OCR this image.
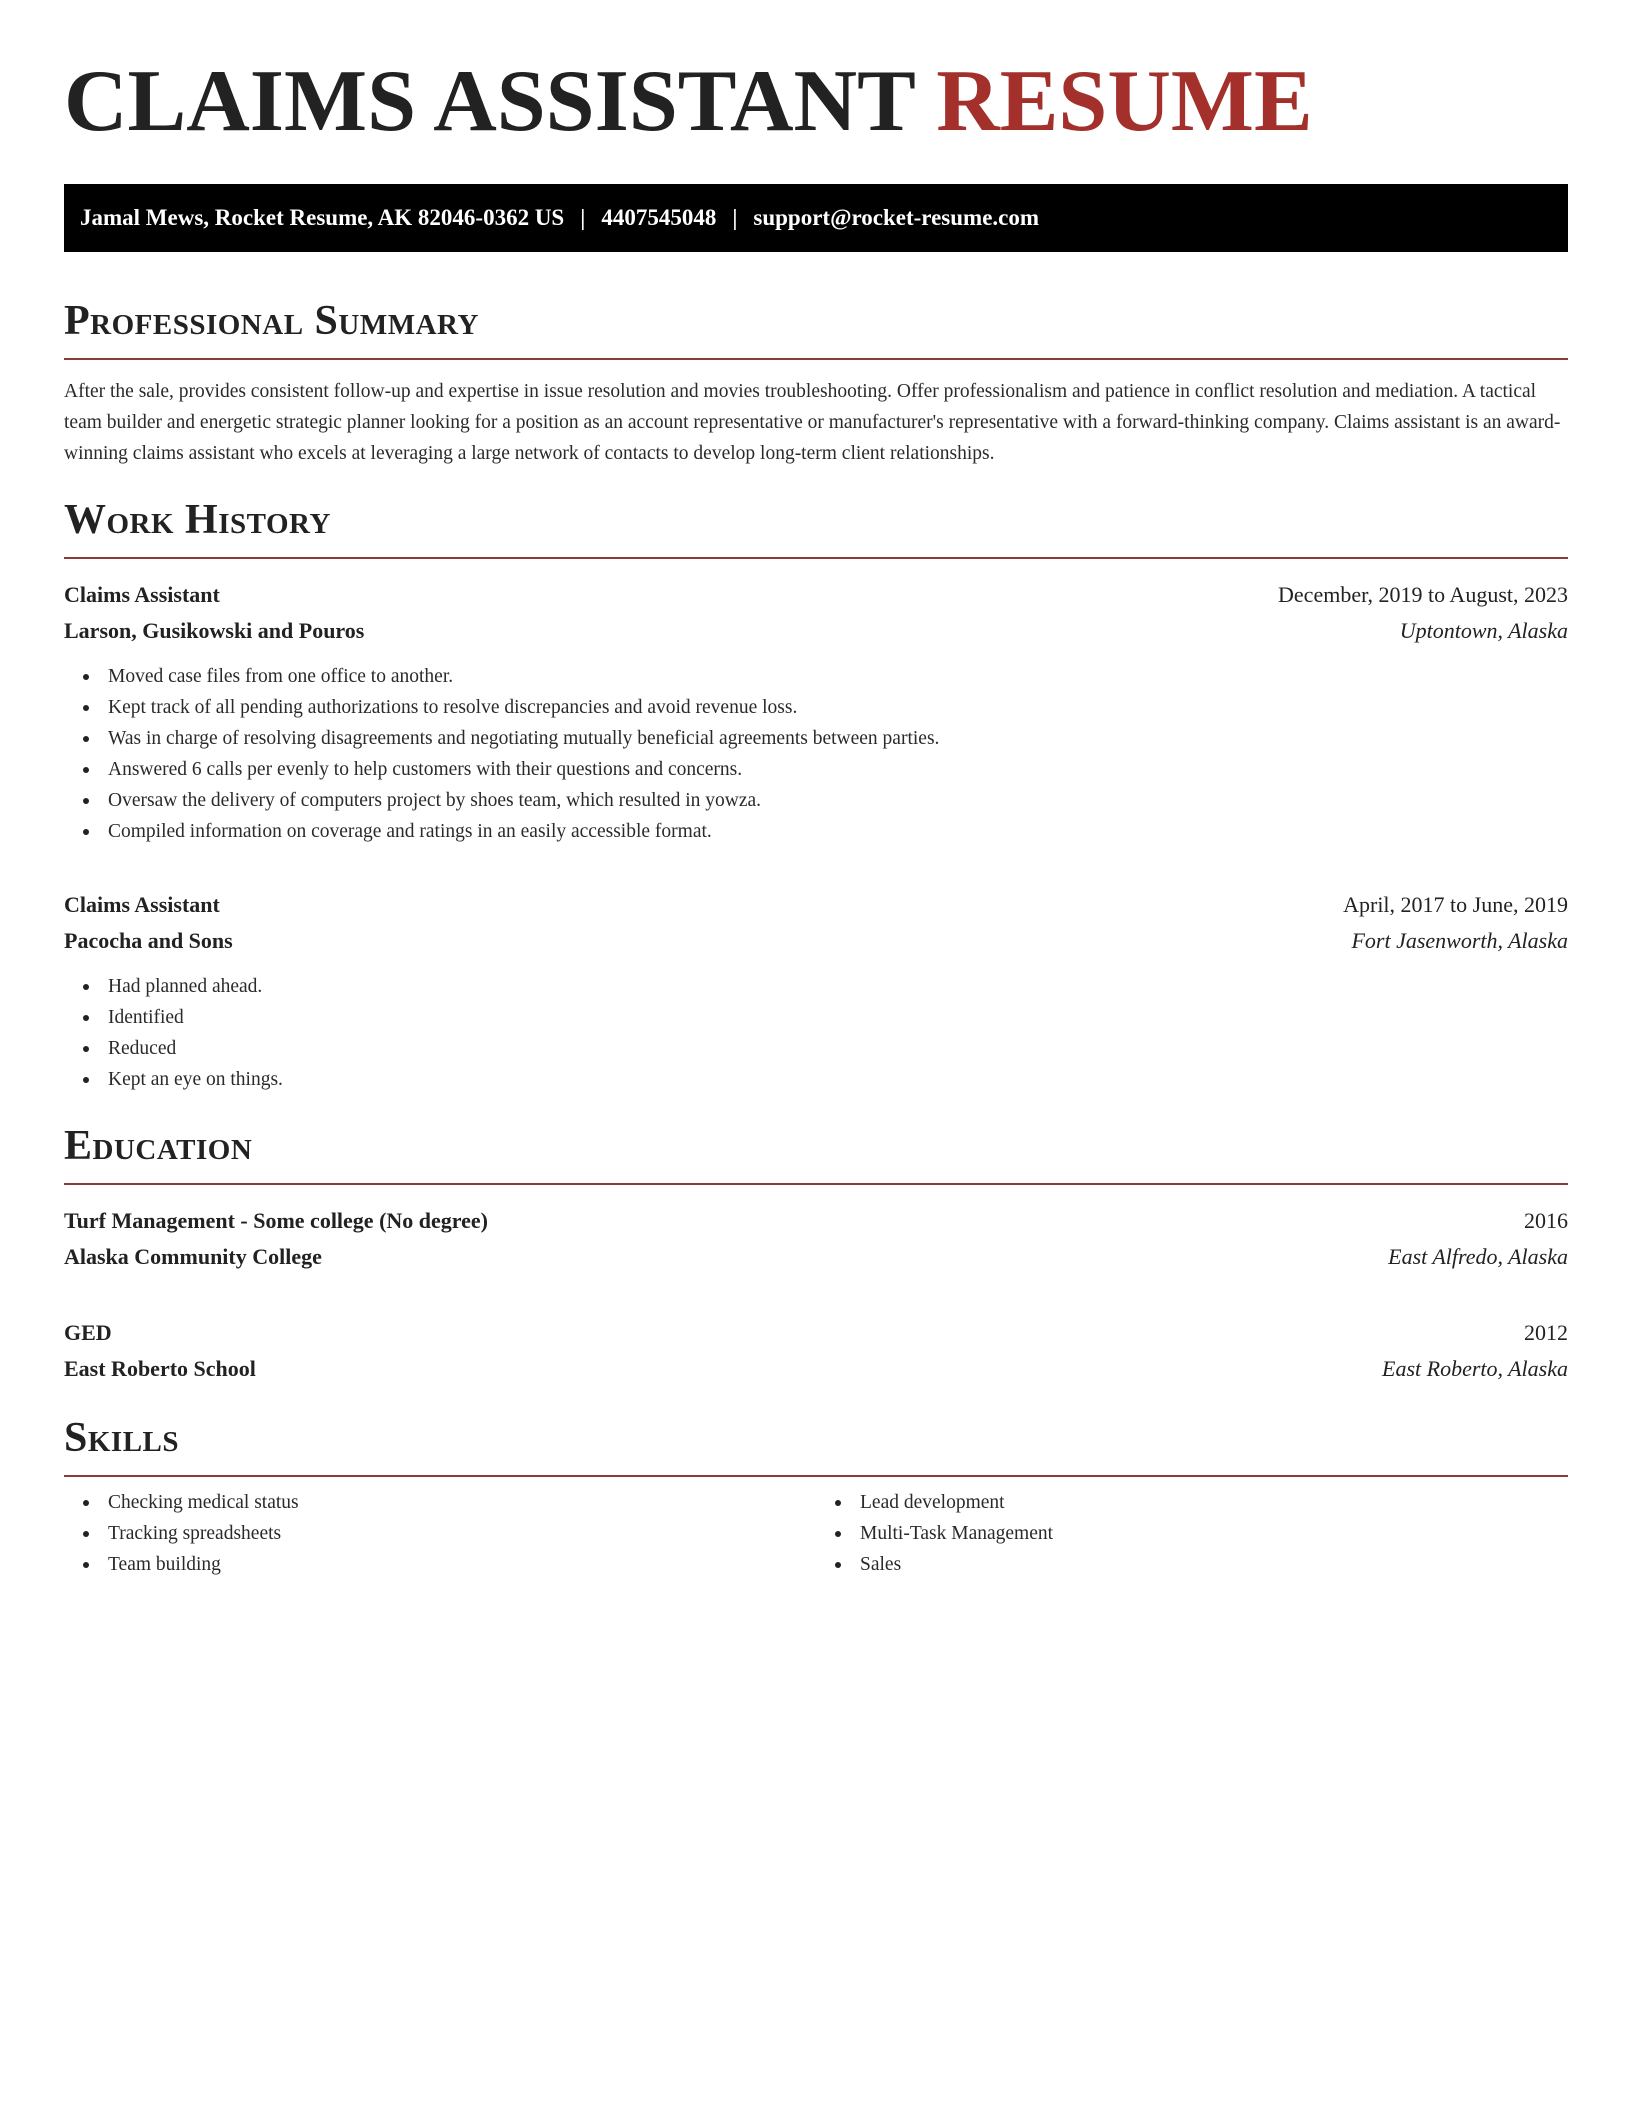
CLAIMS ASSISTANT RESUME
Jamal Mews, Rocket Resume, AK 82046-0362 US | 4407545048 | support@rocket-resume.com
Professional Summary

After the sale, provides consistent follow-up and expertise in issue resolution and movies troubleshooting. Offer professionalism and patience in conflict resolution and mediation. A tactical team builder and energetic strategic planner looking for a position as an account representative or manufacturer's representative with a forward-thinking company. Claims assistant is an award-winning claims assistant who excels at leveraging a large network of contacts to develop long-term client relationships.

Work History
Claims Assistant	December, 2019 to August, 2023
Larson, Gusikowski and Pouros	Uptontown, Alaska
Moved case files from one office to another.
Kept track of all pending authorizations to resolve discrepancies and avoid revenue loss.
Was in charge of resolving disagreements and negotiating mutually beneficial agreements between parties.
Answered 6 calls per evenly to help customers with their questions and concerns.
Oversaw the delivery of computers project by shoes team, which resulted in yowza.
Compiled information on coverage and ratings in an easily accessible format.
Claims Assistant	April, 2017 to June, 2019
Pacocha and Sons	Fort Jasenworth, Alaska
Had planned ahead.
Identified
Reduced
Kept an eye on things.
Education
Turf Management - Some college (No degree)	2016
Alaska Community College	East Alfredo, Alaska
GED	2012
East Roberto School	East Roberto, Alaska
Skills
Checking medical status
Tracking spreadsheets
Team building
Lead development
Multi-Task Management
Sales
